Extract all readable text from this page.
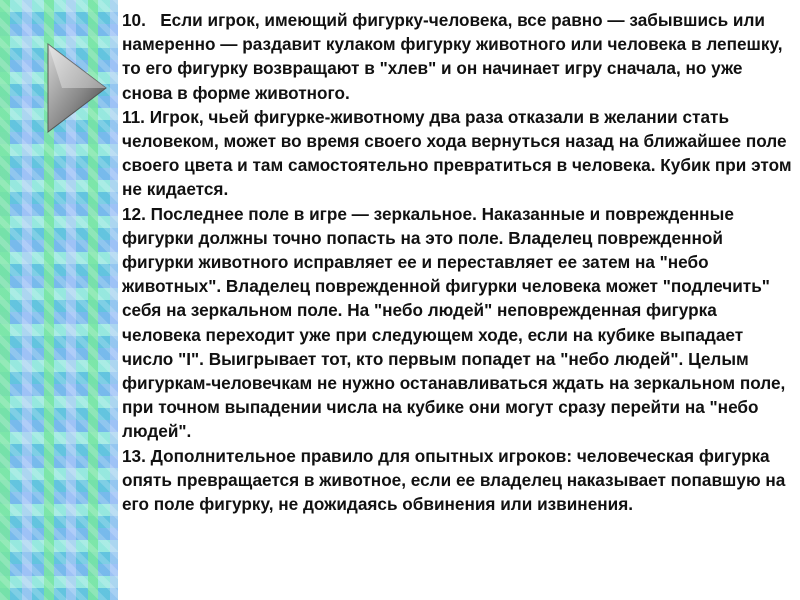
10.   Если игрок, имеющий фигурку-человека, все равно — забывшись или намеренно — раздавит кулаком фигурку животного или человека в лепешку, то его фигурку возвращают в "хлев" и он начинает игру сначала, но уже снова в форме животного.

11. Игрок, чьей фигурке-животному два раза отказали в желании стать человеком, может во время своего хода вернуться назад на ближайшее поле своего цвета и там самостоятельно превратиться в человека. Кубик при этом не кидается.

12. Последнее поле в игре — зеркальное. Наказанные и поврежденные фигурки должны точно попасть на это поле. Владелец поврежденной фигурки животного исправляет ее и переставляет ее затем на "небо животных". Владелец поврежденной фигурки человека может "подлечить" себя на зеркальном поле. На "небо людей" неповрежденная фигурка человека переходит уже при следующем ходе, если на кубике выпадает число "I". Выигрывает тот, кто первым попадет на "небо людей". Целым фигуркам-человечкам не нужно останавливаться ждать на зеркальном поле, при точном выпадении числа на кубике они могут сразу перейти на "небо людей".

13. Дополнительное правило для опытных игроков: человеческая фигурка опять превращается в животное, если ее владелец наказывает попавшую на его поле фигурку, не дожидаясь обвинения или извинения.
